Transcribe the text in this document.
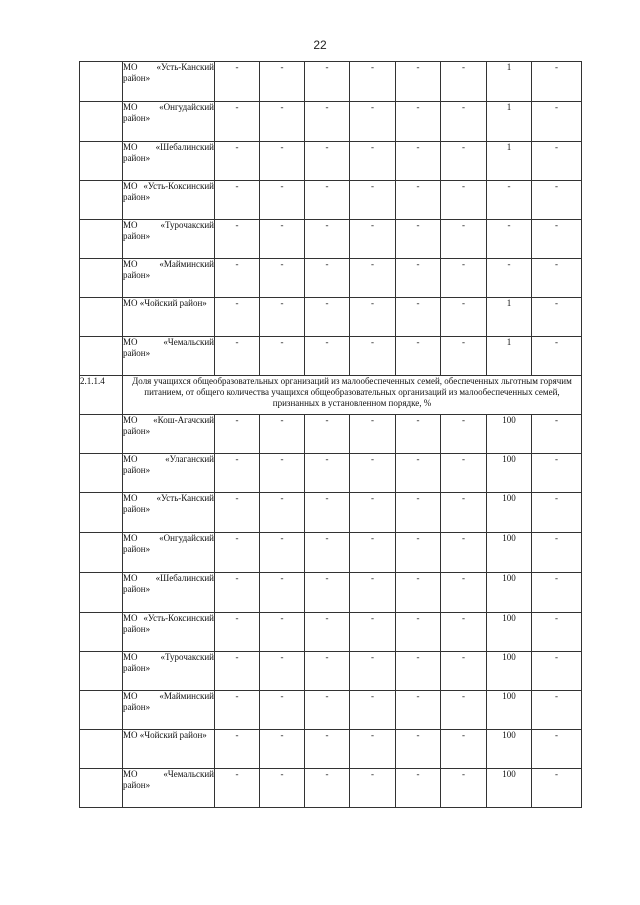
22
	МО «Усть-Канский район»	-	-	-	-	-	-	1	-
	МО «Онгудайский район»	-	-	-	-	-	-	1	-
	МО «Шебалинский район»	-	-	-	-	-	-	1	-
	МО «Усть-Коксинский район»	-	-	-	-	-	-	-	-
	МО «Турочакский район»	-	-	-	-	-	-	-	-
	МО «Майминский район»	-	-	-	-	-	-	-	-
	МО «Чойский район»	-	-	-	-	-	-	1	-
	МО «Чемальский район»	-	-	-	-	-	-	1	-
2.1.1.4	Доля учащихся общеобразовательных организаций из малообеспеченных семей, обеспеченных льготным горячим питанием, от общего количества учащихся общеобразовательных организаций из малообеспеченных семей, признанных в установленном порядке, %								
	МО «Кош-Агачский район»	-	-	-	-	-	-	100	-
	МО «Улаганский район»	-	-	-	-	-	-	100	-
	МО «Усть-Канский район»	-	-	-	-	-	-	100	-
	МО «Онгудайский район»	-	-	-	-	-	-	100	-
	МО «Шебалинский район»	-	-	-	-	-	-	100	-
	МО «Усть-Коксинский район»	-	-	-	-	-	-	100	-
	МО «Турочакский район»	-	-	-	-	-	-	100	-
	МО «Майминский район»	-	-	-	-	-	-	100	-
	МО «Чойский район»	-	-	-	-	-	-	100	-
	МО «Чемальский район»	-	-	-	-	-	-	100	-
